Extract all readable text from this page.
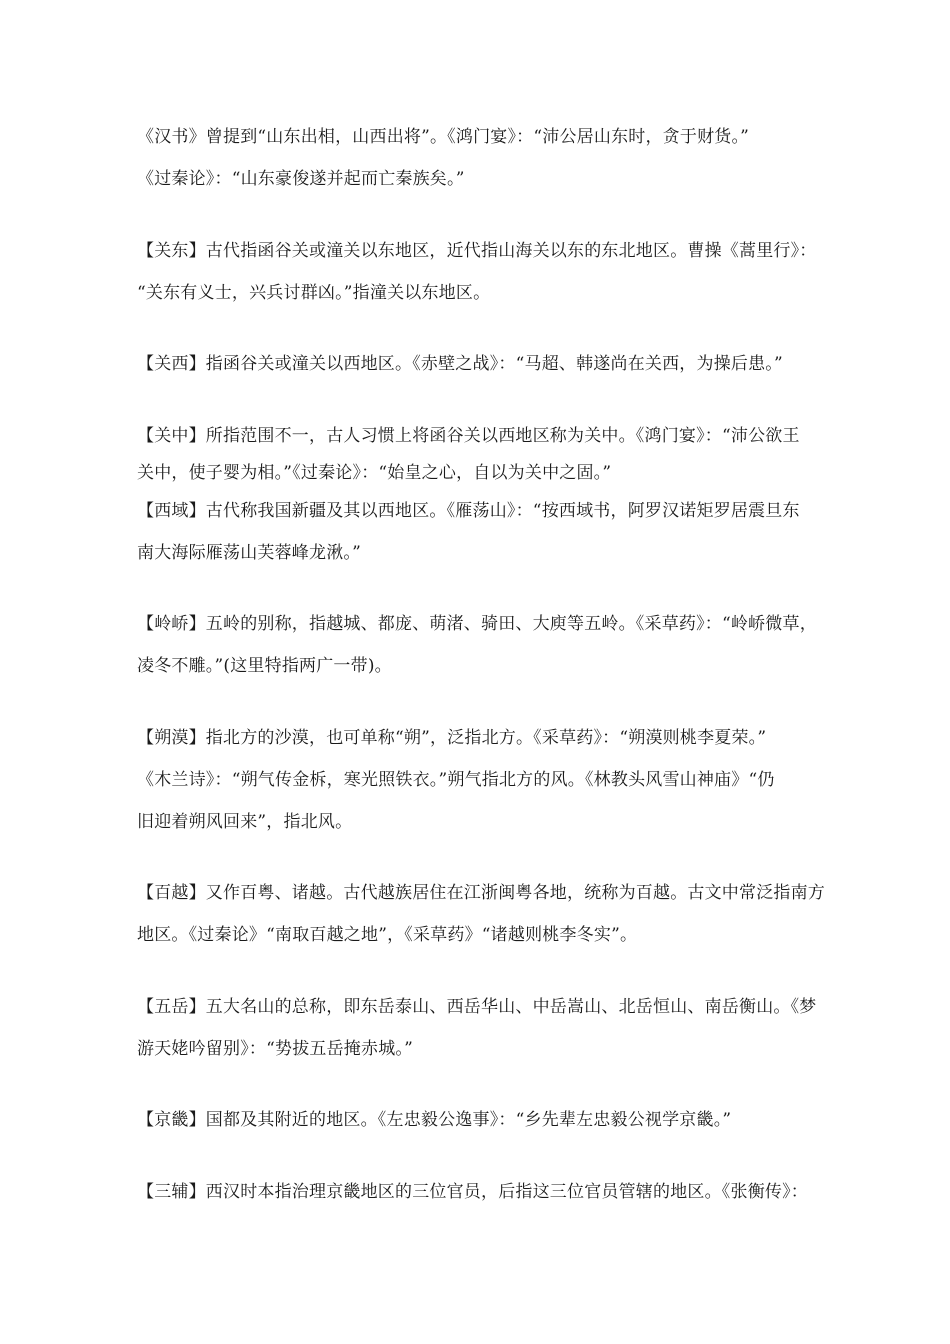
《汉书》曾提到“山东出相，山西出将”。《鸿门宴》：“沛公居山东时，贪于财货。”

《过秦论》：“山东豪俊遂并起而亡秦族矣。”

【关东】古代指函谷关或潼关以东地区，近代指山海关以东的东北地区。曹操《蒿里行》：

“关东有义士，兴兵讨群凶。”指潼关以东地区。

【关西】指函谷关或潼关以西地区。《赤壁之战》：“马超、韩遂尚在关西，为操后患。”

【关中】所指范围不一，古人习惯上将函谷关以西地区称为关中。《鸿门宴》：“沛公欲王

关中，使子婴为相。”《过秦论》：“始皇之心，自以为关中之固。”

【西域】古代称我国新疆及其以西地区。《雁荡山》：“按西域书，阿罗汉诺矩罗居震旦东

南大海际雁荡山芙蓉峰龙湫。”

【岭峤】五岭的别称，指越城、都庞、萌渚、骑田、大庾等五岭。《采草药》：“岭峤微草，

凌冬不雕。”(这里特指两广一带)。

【朔漠】指北方的沙漠，也可单称“朔”，泛指北方。《采草药》：“朔漠则桃李夏荣。”

《木兰诗》：“朔气传金柝，寒光照铁衣。”朔气指北方的风。《林教头风雪山神庙》“仍

旧迎着朔风回来”，指北风。

【百越】又作百粤、诸越。古代越族居住在江浙闽粤各地，统称为百越。古文中常泛指南方

地区。《过秦论》“南取百越之地”，《采草药》“诸越则桃李冬实”。

【五岳】五大名山的总称，即东岳泰山、西岳华山、中岳嵩山、北岳恒山、南岳衡山。《梦

游天姥吟留别》：“势拔五岳掩赤城。”

【京畿】国都及其附近的地区。《左忠毅公逸事》：“乡先辈左忠毅公视学京畿。”

【三辅】西汉时本指治理京畿地区的三位官员，后指这三位官员管辖的地区。《张衡传》：
